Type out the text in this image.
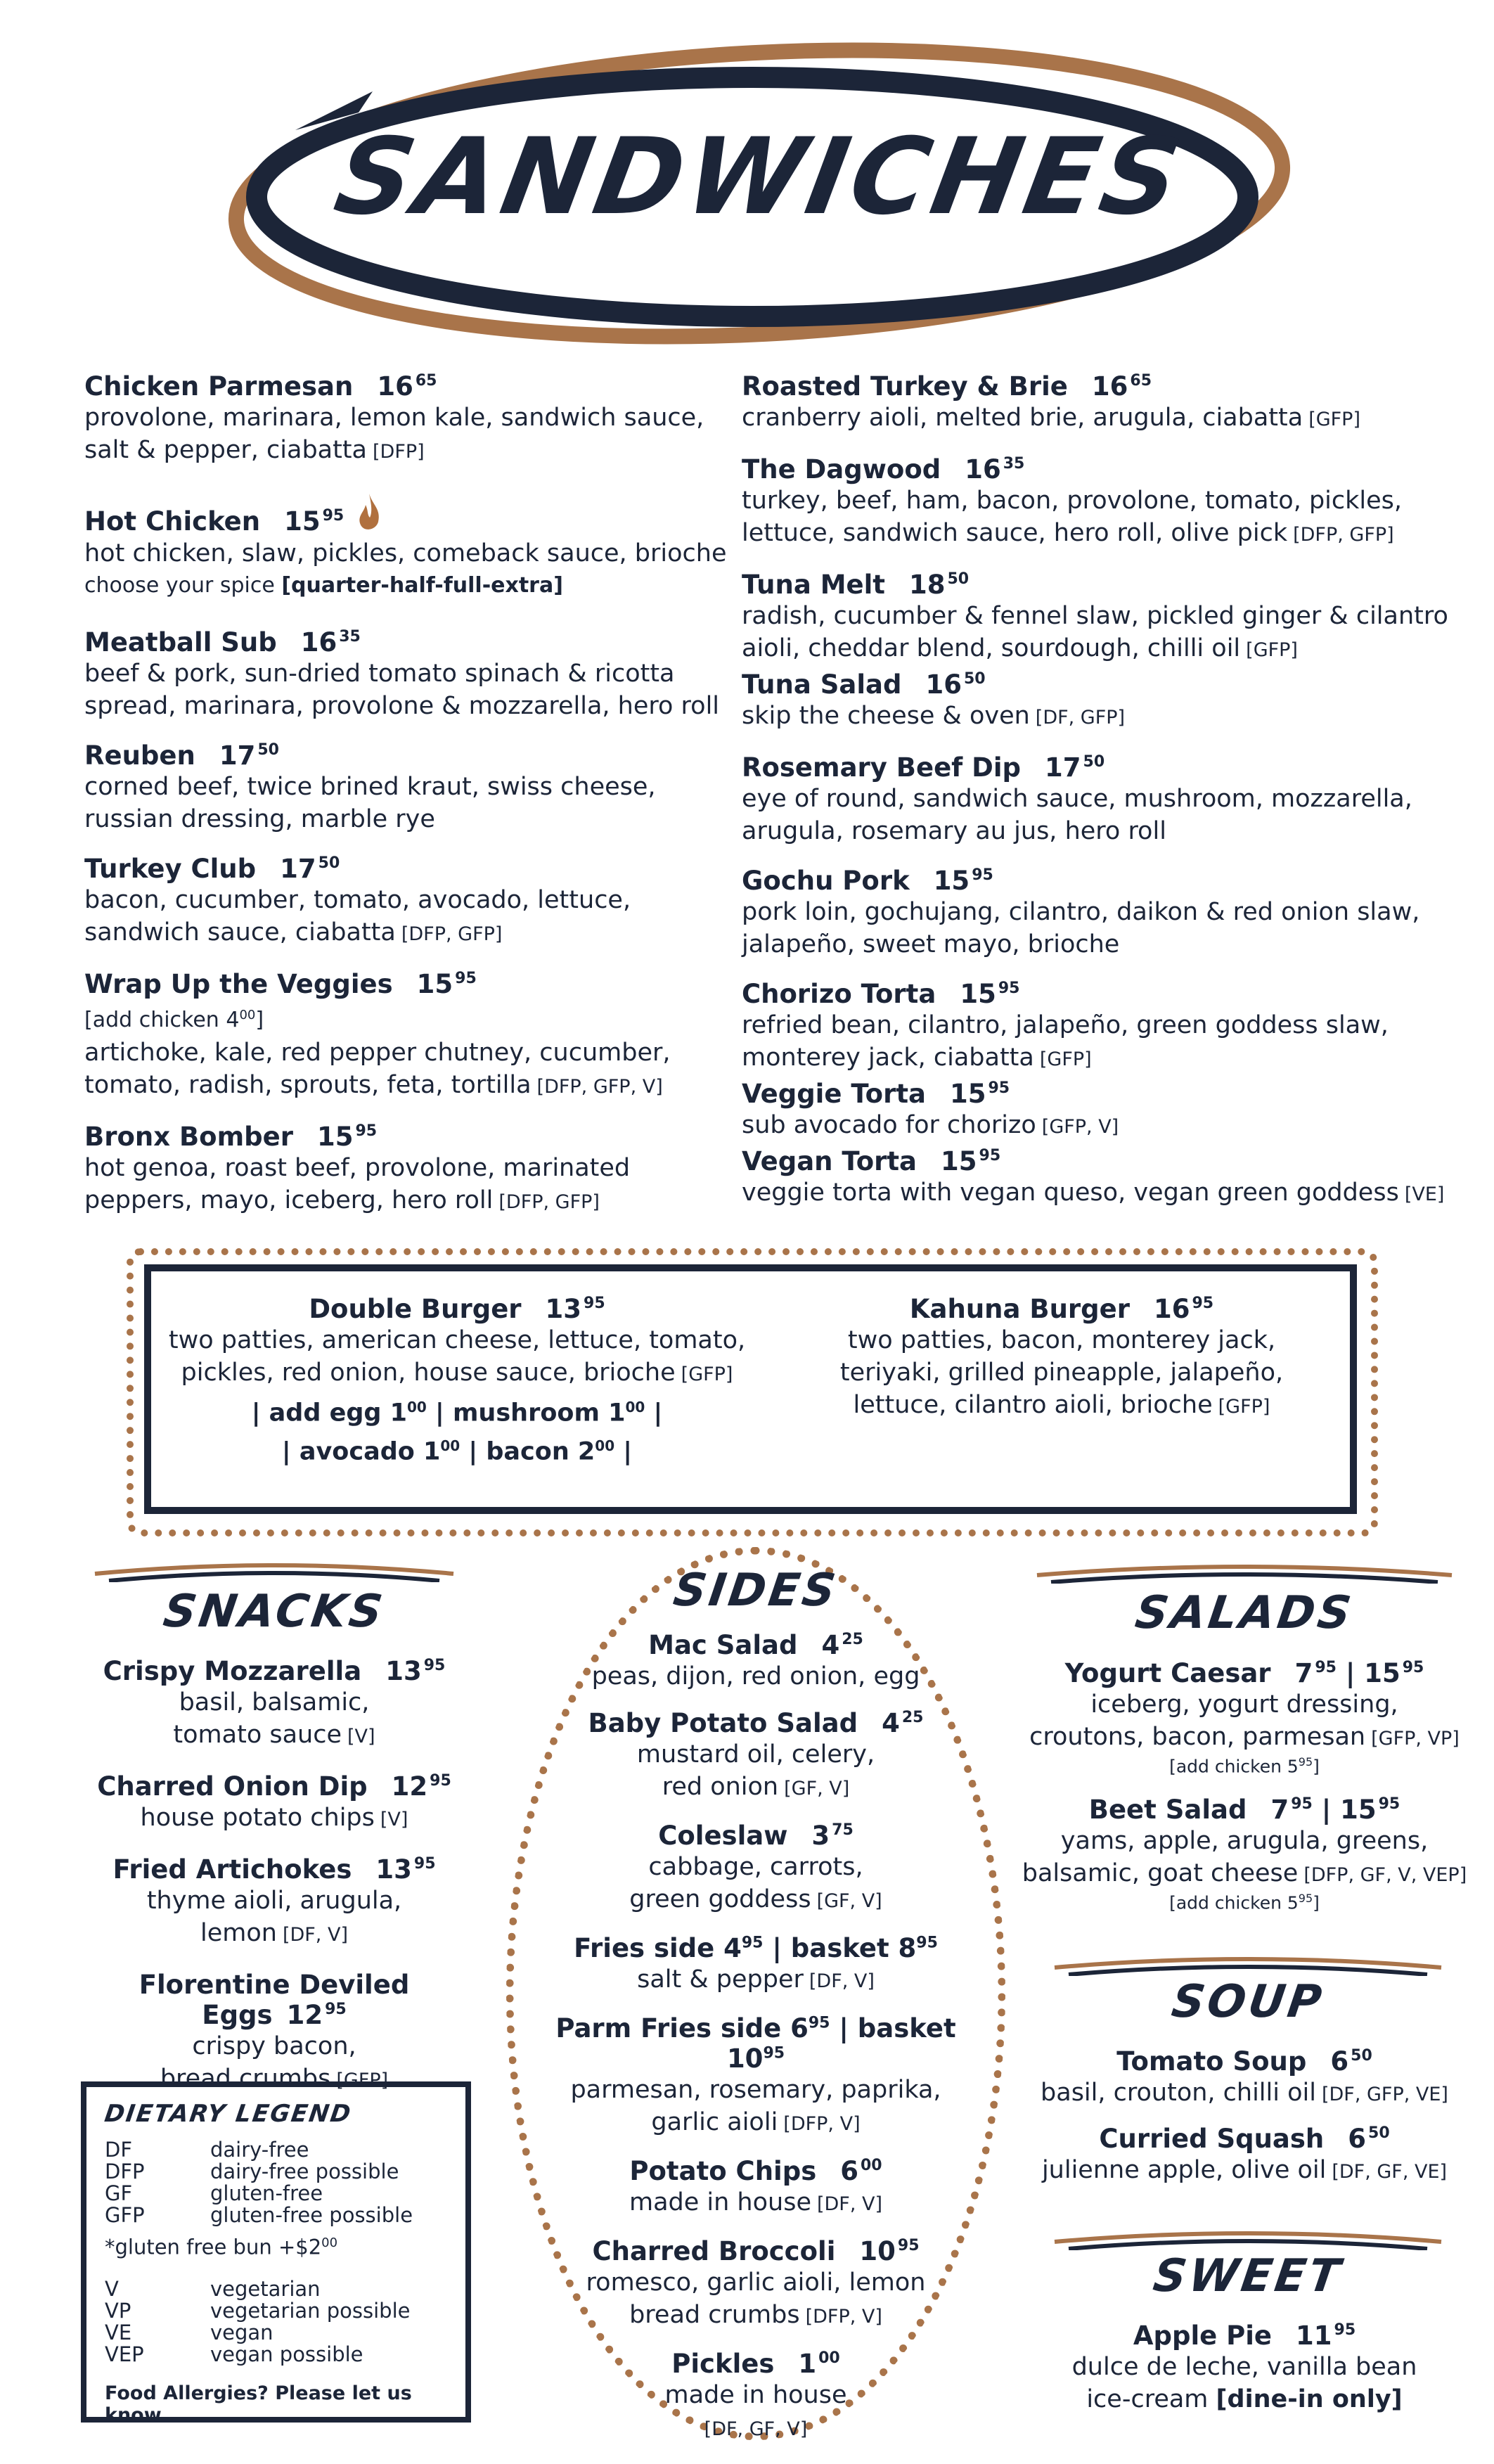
SANDWICHES
Chicken Parmesan 16 $^{65}$
provolone, marinara, lemon kale, sandwich sauce, salt & pepper, ciabatta [DFP]
Hot Chicken 15 $^{95}$
hot chicken, slaw, pickles, comeback sauce, brioche
choose your spice [quarter-half-full-extra]
Meatball Sub 16 $^{35}$
beef & pork, sun-dried tomato spinach & ricotta spread, marinara, provolone & mozzarella, hero roll
Reuben 17 $^{50}$
corned beef, twice brined kraut, swiss cheese, russian dressing, marble rye
Turkey Club 17 $^{50}$
bacon, cucumber, tomato, avocado, lettuce, sandwich sauce, ciabatta [DFP, GFP]
Wrap Up the Veggies 15 $^{95}$
[add chicken $4^{00}$]
artichoke, kale, red pepper chutney, cucumber, tomato, radish, sprouts, feta, tortilla [DFP, GFP, V]
Bronx Bomber 15 $^{95}$
hot genoa, roast beef, provolone, marinated peppers, mayo, iceberg, hero roll [DFP, GFP]
Roasted Turkey & Brie 16 $^{65}$
cranberry aioli, melted brie, arugula, ciabatta [GFP]
The Dagwood 16 $^{35}$
turkey, beef, ham, bacon, provolone, tomato, pickles, lettuce, sandwich sauce, hero roll, olive pick [DFP, GFP]
Tuna Melt 18 $^{50}$
radish, cucumber & fennel slaw, pickled ginger & cilantro aioli, cheddar blend, sourdough, chilli oil [GFP]
Tuna Salad 16 $^{50}$
skip the cheese & oven [DF, GFP]
Rosemary Beef Dip 17 $^{50}$
eye of round, sandwich sauce, mushroom, mozzarella, arugula, rosemary au jus, hero roll
Gochu Pork 15 $^{95}$
pork loin, gochujang, cilantro, daikon & red onion slaw, jalapeño, sweet mayo, brioche
Chorizo Torta 15 $^{95}$
refried bean, cilantro, jalapeño, green goddess slaw, monterey jack, ciabatta [GFP]
Veggie Torta 15 $^{95}$
sub avocado for chorizo [GFP, V]
Vegan Torta 15 $^{95}$
veggie torta with vegan queso, vegan green goddess [VE]
Double Burger 13 $^{95}$
two patties, american cheese, lettuce, tomato, pickles, red onion, house sauce, brioche [GFP]
| add egg $1^{00}$ | mushroom $1^{00}$ |
| avocado $1^{00}$ | bacon $2^{00}$ |
Kahuna Burger 16 $^{95}$
two patties, bacon, monterey jack, teriyaki, grilled pineapple, jalapeño, lettuce, cilantro aioli, brioche [GFP]
SNACKS
Crispy Mozzarella 13 $^{95}$
basil, balsamic,
tomato sauce [V]
Charred Onion Dip 12 $^{95}$
house potato chips [V]
Fried Artichokes 13 $^{95}$
thyme aioli, arugula,
lemon [DF, V]
Florentine Deviled Eggs 12 $^{95}$
crispy bacon,
bread crumbs [GFP]
DIETARY LEGEND
DF	dairy-free
DFP	dairy-free possible
GF	gluten-free
GFP	gluten-free possible
*gluten free bun $+\$2^{00}$
V	vegetarian
VP	vegetarian possible
VE	vegan
VEP	vegan possible
Food Allergies? Please let us know
SIDES
Mac Salad 4 $^{25}$
peas, dijon, red onion, egg
Baby Potato Salad 4 $^{25}$
mustard oil, celery,
red onion [GF, V]
Coleslaw 3 $^{75}$
cabbage, carrots,
green goddess [GF, V]
Fries side $4^{95}$ | basket $8^{95}$
salt & pepper [DF, V]
Parm Fries side $6^{95}$ | basket $10^{95}$
parmesan, rosemary, paprika,
garlic aioli [DFP, V]
Potato Chips 6 $^{00}$
made in house [DF, V]
Charred Broccoli 10 $^{95}$
romesco, garlic aioli, lemon
bread crumbs [DFP, V]
Pickles 1 $^{00}$
made in house
[DF, GF, V]
SALADS
Yogurt Caesar 7 $^{95}$ | 15 $^{95}$
iceberg, yogurt dressing,
croutons, bacon, parmesan [GFP, VP]
[add chicken $5^{95}$]
Beet Salad 7 $^{95}$ | 15 $^{95}$
yams, apple, arugula, greens,
balsamic, goat cheese [DFP, GF, V, VEP]
[add chicken $5^{95}$]
SOUP
Tomato Soup 6 $^{50}$
basil, crouton, chilli oil [DF, GFP, VE]
Curried Squash 6 $^{50}$
julienne apple, olive oil [DF, GF, VE]
SWEET
Apple Pie 11 $^{95}$
dulce de leche, vanilla bean
ice-cream [dine-in only]
